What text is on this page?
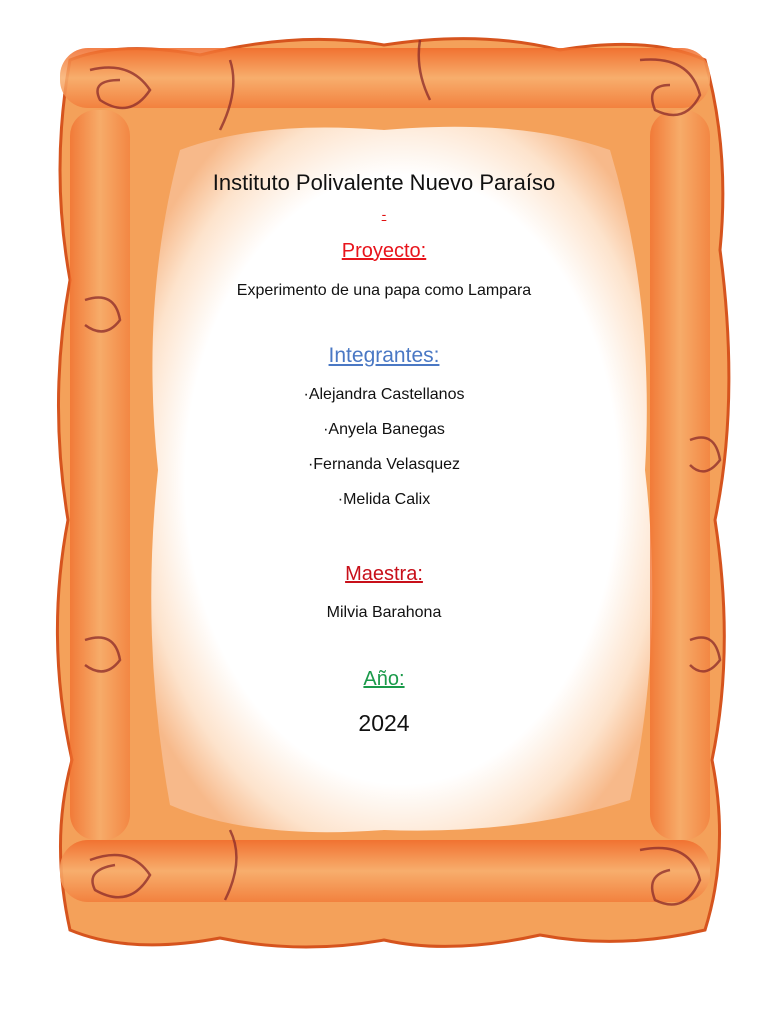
Instituto Polivalente Nuevo Paraíso
-
Proyecto:
Experimento de una papa como Lampara
Integrantes:
·Alejandra Castellanos
·Anyela Banegas
·Fernanda Velasquez
·Melida Calix
Maestra:
Milvia Barahona
Año:
2024
